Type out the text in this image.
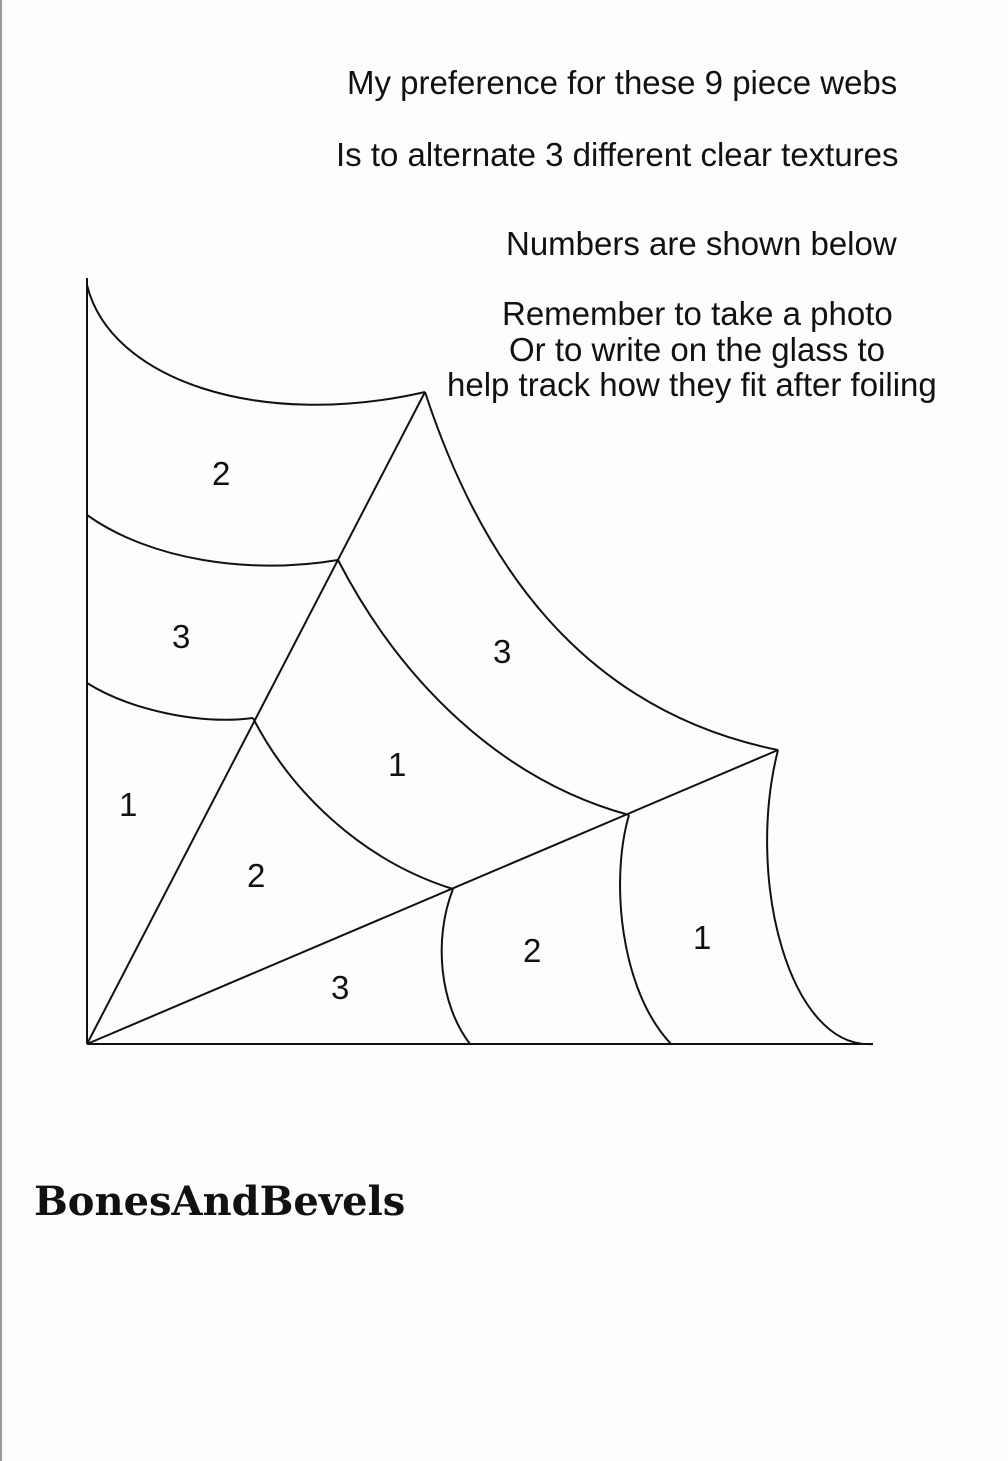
My preference for these 9 piece webs
Is to alternate 3 different clear textures
Numbers are shown below
Remember to take a photo
Or to write on the glass to
help track how they fit after foiling
2
3
1
3
1
2
3
2	1
BonesAndBevels
